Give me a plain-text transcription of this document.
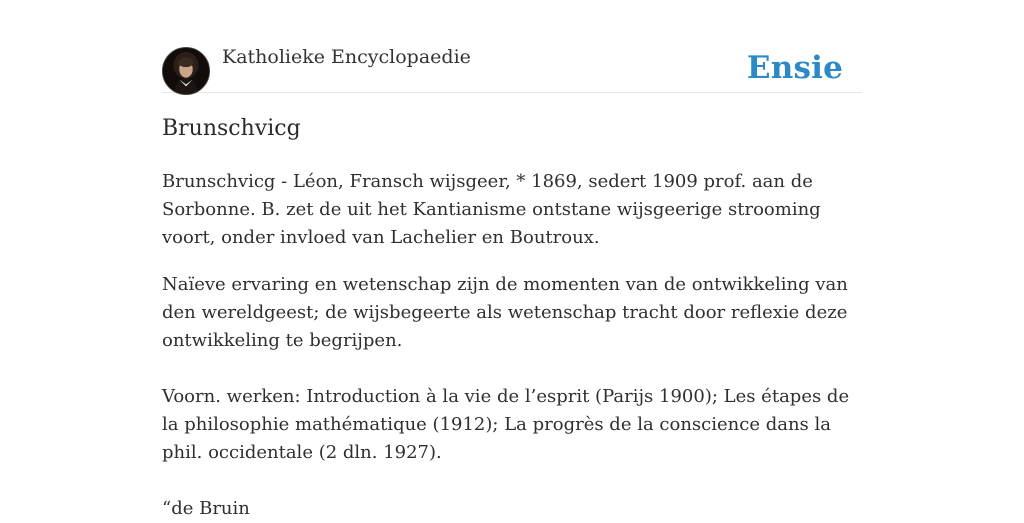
Katholieke Encyclopaedie	Ensie
Brunschvicg

Brunschvicg - Léon, Fransch wijsgeer, * 1869, sedert 1909 prof. aan de Sorbonne. B. zet de uit het Kantianisme ontstane wijsgeerige strooming voort, onder invloed van Lachelier en Boutroux.

Naïeve ervaring en wetenschap zijn de momenten van de ontwikkeling van den wereldgeest; de wijsbegeerte als wetenschap tracht door reflexie deze ontwikkeling te begrijpen.

Voorn. werken: Introduction à la vie de l’esprit (Parijs 1900); Les étapes de la philosophie mathématique (1912); La progrès de la conscience dans la phil. occidentale (2 dln. 1927).

“de Bruin
